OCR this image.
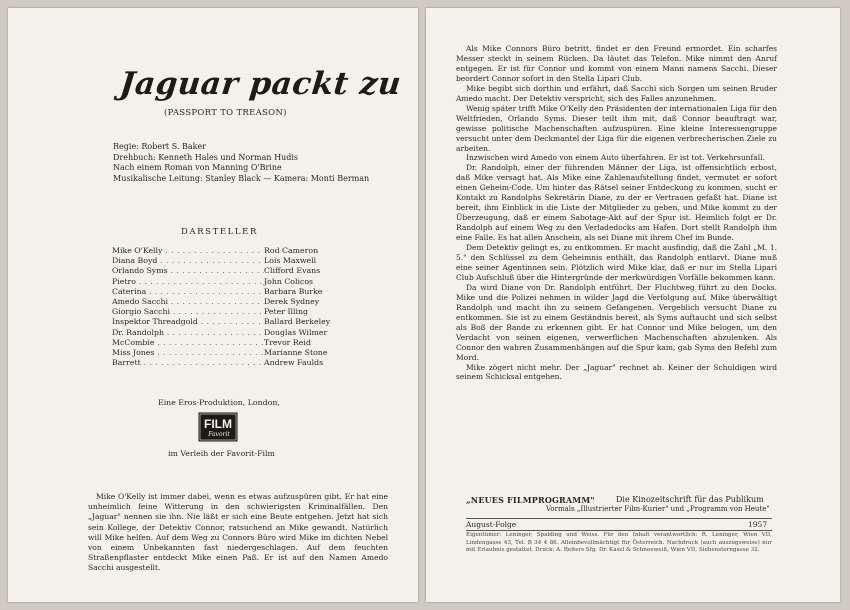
Jaguar packt zu
(PASSPORT TO TREASON)
Regie: Robert S. Baker
Drehbuch: Kenneth Hales und Norman Hudis
Nach einem Roman von Manning O'Brine
Musikalische Leitung: Stanley Black — Kamera: Monti Berman
DARSTELLER
Mike O'Kelly . . .	Rod Cameron
Diana Boyd . . .	Lois Maxwell
Orlando Syms . . .	Clifford Evans
Pietro . . .	John Colicos
Caterina . . .	Barbara Burke
Amedo Sacchi . . .	Derek Sydney
Giorgio Sacchi . . .	Peter Illing
Inspektor Threadgold . . .	Ballard Berkeley
Dr. Randolph . . .	Douglas Wilmer
McCombie . . .	Trevor Reid
Miss Jones . . .	Marianne Stone
Barrett . . .	Andrew Faulds
Eine Eros-Produktion, London,
FILM
Favorit
im Verleih der Favorit-Film

Mike O'Kelly ist immer dabei, wenn es etwas aufzuspüren gibt. Er hat eine unheimlich feine Witterung in den schwierigsten Kriminalfällen. Den „Jaguar" nennen sie ihn. Nie läßt er sich eine Beute entgehen. Jetzt hat sich sein Kollege, der Detektiv Connor, ratsuchend an Mike gewandt. Natürlich will Mike helfen. Auf dem Weg zu Connors Büro wird Mike im dichten Nebel von einem Unbekannten fast niedergeschlagen. Auf dem feuchten Straßenpflaster entdeckt Mike einen Paß. Er ist auf den Namen Amedo Sacchi ausgestellt.

Als Mike Connors Büro betritt, findet er den Freund ermordet. Ein scharfes Messer steckt in seinem Rücken. Da läutet das Telefon. Mike nimmt den Anruf entgegen. Er ist für Connor und kommt von einem Mann namens Sacchi. Dieser beordert Connor sofort in den Stella Lipari Club.

Mike begibt sich dorthin und erfährt, daß Sacchi sich Sorgen um seinen Bruder Amedo macht. Der Detektiv verspricht, sich des Falles anzunehmen.

Wenig später trifft Mike O'Kelly den Präsidenten der internationalen Liga für den Weltfrieden, Orlando Syms. Dieser teilt ihm mit, daß Connor beauftragt war, gewisse politische Machenschaften aufzuspüren. Eine kleine Interessengruppe versucht unter dem Deckmantel der Liga für die eigenen verbrecherischen Ziele zu arbeiten.

Inzwischen wird Amedo von einem Auto überfahren. Er ist tot. Verkehrsunfall.

Dr. Randolph, einer der führenden Männer der Liga, ist offensichtlich erbost, daß Mike versagt hat. Als Mike eine Zahlenaufstellung findet, vermutet er sofort einen Geheim-Code. Um hinter das Rätsel seiner Entdeckung zu kommen, sucht er Kontakt zu Randolphs Sekretärin Diane, zu der er Vertrauen gefaßt hat. Diane ist bereit, ihm Einblick in die Liste der Mitglieder zu geben, und Mike kommt zu der Überzeugung, daß er einem Sabotage-Akt auf der Spur ist. Heimlich folgt er Dr. Randolph auf einem Weg zu den Verladedocks am Hafen. Dort stellt Randolph ihm eine Falle. Es hat allen Anschein, als sei Diane mit ihrem Chef im Bunde.

Dem Detektiv gelingt es, zu entkommen. Er macht ausfindig, daß die Zahl „M. 1. 5." den Schlüssel zu dem Geheimnis enthält, das Randolph entlarvt. Diane muß eine seiner Agentinnen sein. Plötzlich wird Mike klar, daß er nur im Stella Lipari Club Aufschluß über die Hintergründe der merkwürdigen Vorfälle bekommen kann.

Da wird Diane von Dr. Randolph entführt. Der Fluchtweg führt zu den Docks. Mike und die Polizei nehmen in wilder Jagd die Verfolgung auf. Mike überwältigt Randolph und macht ihn zu seinem Gefangenen. Vergeblich versucht Diane zu entkommen. Sie ist zu einem Geständnis bereit, als Syms auftaucht und sich selbst als Boß der Bande zu erkennen gibt. Er hat Connor und Mike belogen, um den Verdacht von seinen eigenen, verwerflichen Machenschaften abzulenken. Als Connor den wahren Zusammenhängen auf die Spur kam, gab Syms den Befehl zum Mord.

Mike zögert nicht mehr. Der „Jaguar" rechnet ab. Keiner der Schuldigen wird seinem Schicksal entgehen.

„NEUES FILMPROGRAMM"	Die Kinozeitschrift für das Publikum
Vormals „Illustrierter Film-Kurier" und „Programm von Heute"
August-Folge	1957
Eigentümer: Leninger, Spalding und Weiss. Für den Inhalt verantwortlich: R. Leninger, Wien VII, Lindengasse 43, Tel. B 34 4 86. Alleinbevollmächtigt für Österreich. Nachdruck (auch auszugsweise) nur mit Erlaubnis gestattet. Druck: A. Reiters Sfg. Dr. Kaszl & Schneeweiß, Wien VII, Siebensterngasse 32.
